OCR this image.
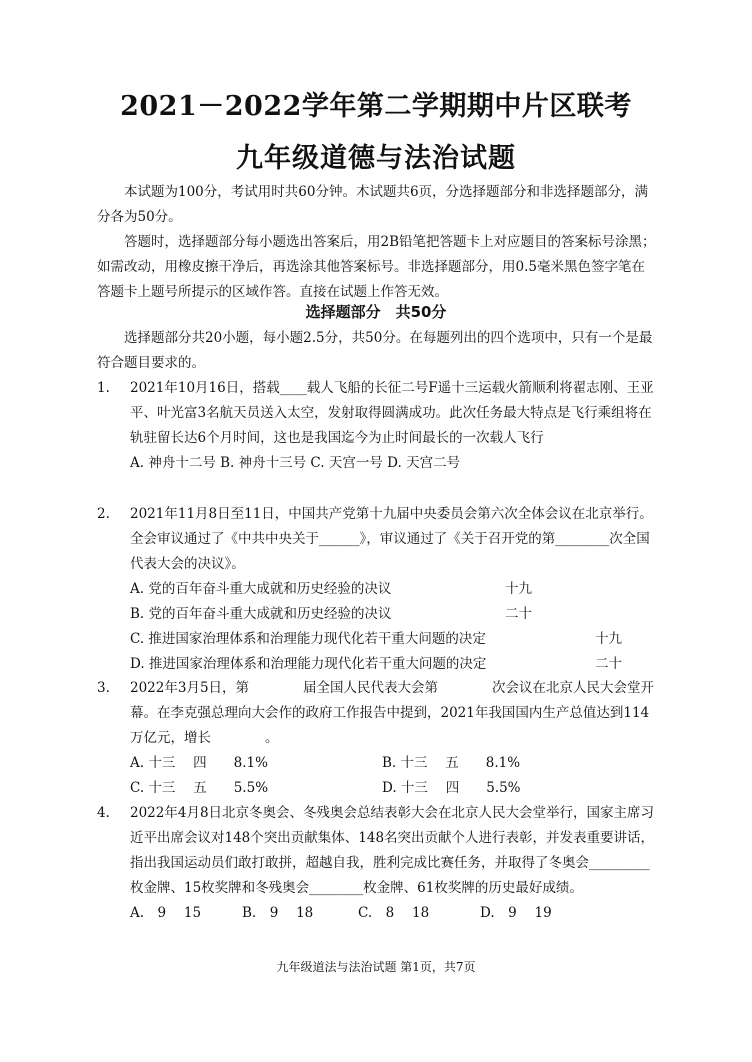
2021－2022学年第二学期期中片区联考
九年级道德与法治试题

本试题为100分，考试用时共60分钟。木试题共6页，分选择题部分和非选择题部分，满分各为50分。

答题时，选择题部分每小题选出答案后，用2B铅笔把答题卡上对应题目的答案标号涂黑；如需改动，用橡皮擦干净后，再选涂其他答案标号。非选择题部分，用0.5毫米黑色签字笔在答题卡上题号所提示的区域作答。直接在试题上作答无效。

选择题部分　共50分

选择题部分共20小题，每小题2.5分，共50分。在每题列出的四个选项中，只有一个是最符合题目要求的。

1. 2021年10月16日，搭载____载人飞船的长征二号F遥十三运载火箭顺利将翟志刚、王亚平、叶光富3名航天员送入太空，发射取得圆满成功。此次任务最大特点是飞行乘组将在轨驻留长达6个月时间，这也是我国迄今为止时间最长的一次载人飞行
A. 神舟十二号 B. 神舟十三号 C. 天宫一号 D. 天宫二号
2. 2021年11月8日至11日，中国共产党第十九届中央委员会第六次全体会议在北京举行。全会审议通过了《中共中央关于______》，审议通过了《关于召开党的第________次全国代表大会的决议》。
A. 党的百年奋斗重大成就和历史经验的决议	十九
B. 党的百年奋斗重大成就和历史经验的决议	二十
C. 推进国家治理体系和治理能力现代化若干重大问题的决定	十九
D. 推进国家治理体系和治理能力现代化若干重大问题的决定	二十
3. 2022年3月5日，第　　　　届全国人民代表大会第　　　　次会议在北京人民大会堂开幕。在李克强总理向大会作的政府工作报告中提到，2021年我国国内生产总值达到114万亿元，增长　　　　。
A. 十三　 四　　8.1%	B. 十三　 五　　8.1%
C. 十三　 五　　5.5%	D. 十三　 四　　5.5%
4. 2022年4月8日北京冬奥会、冬残奥会总结表彰大会在北京人民大会堂举行，国家主席习近平出席会议对148个突出贡献集体、148名突出贡献个人进行表彰，并发表重要讲话，指出我国运动员们敢打敢拼，超越自我，胜利完成比赛任务，并取得了冬奥会_________枚金牌、15枚奖牌和冬残奥会________枚金牌、61枚奖牌的历史最好成绩。
A.　9　 15	B.　9　 18	C.　8　 18	D.　9　 19
九年级道法与法治试题 第1页，共7页
